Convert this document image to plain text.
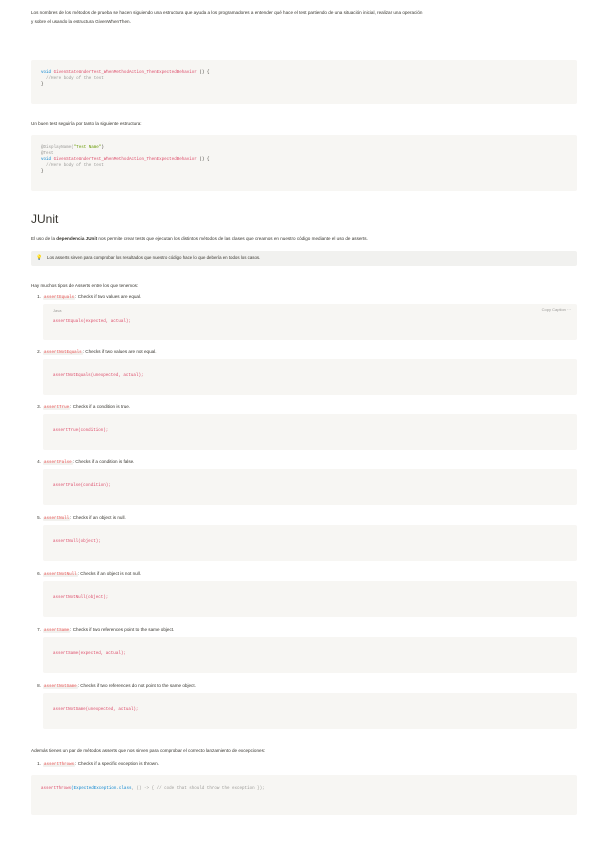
Los nombres de los métodos de prueba se hacen siguiendo una estructura que ayuda a los programadores a entender qué hace el test partiendo de una situación inicial, realizar una operación
y sobre el usando la estructura GivenWhenThen.
void GivenStateUnderTest_WhenMethodAction_ThenExpectedBehavior () {
//Here body of the test
}
Un buen test seguiría por tanto la siguiente estructura:
@DisplayName("Test Name")
@Test
void GivenStateUnderTest_WhenMethodAction_ThenExpectedBehavior () {
//Here body of the test
}
JUnit
El uso de la dependencia JUnit nos permite crear tests que ejecutan los distintos métodos de las clases que creamos en nuestro código mediante el uso de asserts.
💡 Los asserts sirven para comprobar los resultados que nuestro código hace lo que debería en todos los casos.
Hay muchos tipos de Asserts entre los que tenemos:
1. assertEquals: Checks if two values are equal.
assertEquals(expected, actual);
Java	Copy Caption ···
2. assertNotEquals: Checks if two values are not equal.
assertNotEquals(unexpected, actual);
3. assertTrue: Checks if a condition is true.
assertTrue(condition);
4. assertFalse: Checks if a condition is false.
assertFalse(condition);
5. assertNull: Checks if an object is null.
assertNull(object);
6. assertNotNull: Checks if an object is not null.
assertNotNull(object);
7. assertSame: Checks if two references point to the same object.
assertSame(expected, actual);
8. assertNotSame: Checks if two references do not point to the same object.
assertNotSame(unexpected, actual);
Además tienes un par de métodos asserts que nos sirven para comprobar el correcto lanzamiento de excepciones:
1. assertThrows: Checks if a specific exception is thrown.
assertThrows(ExpectedException.class, () -> { // code that should throw the exception });
